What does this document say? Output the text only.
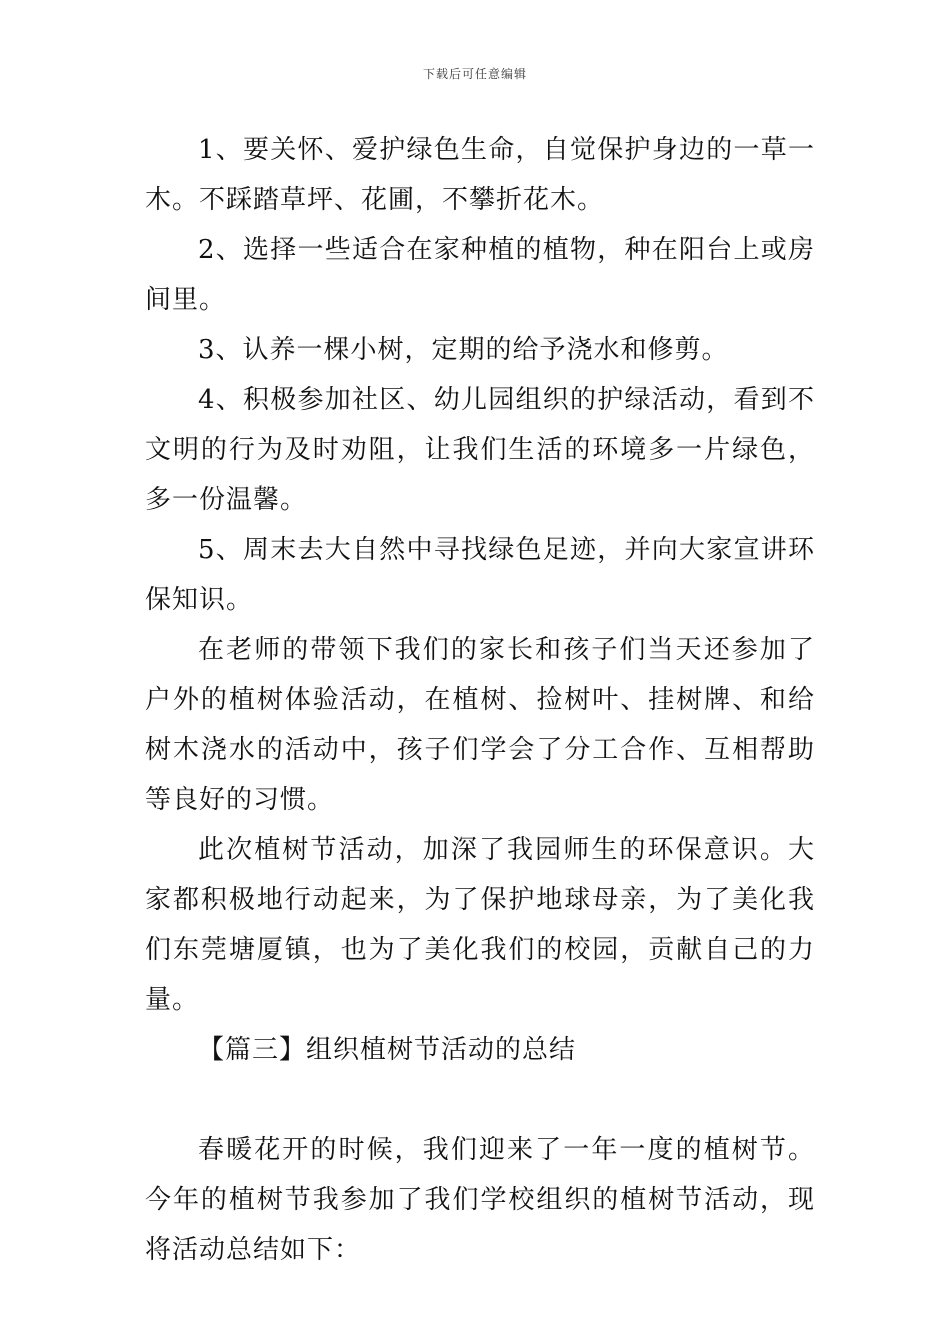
下载后可任意编辑

1、要关怀、爱护绿色生命，自觉保护身边的一草一木。不踩踏草坪、花圃，不攀折花木。

2、选择一些适合在家种植的植物，种在阳台上或房间里。

3、认养一棵小树，定期的给予浇水和修剪。

4、积极参加社区、幼儿园组织的护绿活动，看到不文明的行为及时劝阻，让我们生活的环境多一片绿色，多一份温馨。

5、周末去大自然中寻找绿色足迹，并向大家宣讲环保知识。

在老师的带领下我们的家长和孩子们当天还参加了户外的植树体验活动，在植树、捡树叶、挂树牌、和给树木浇水的活动中，孩子们学会了分工合作、互相帮助等良好的习惯。

此次植树节活动，加深了我园师生的环保意识。大家都积极地行动起来，为了保护地球母亲，为了美化我们东莞塘厦镇，也为了美化我们的校园，贡献自己的力量。

【篇三】组织植树节活动的总结

春暖花开的时候，我们迎来了一年一度的植树节。今年的植树节我参加了我们学校组织的植树节活动，现将活动总结如下：
